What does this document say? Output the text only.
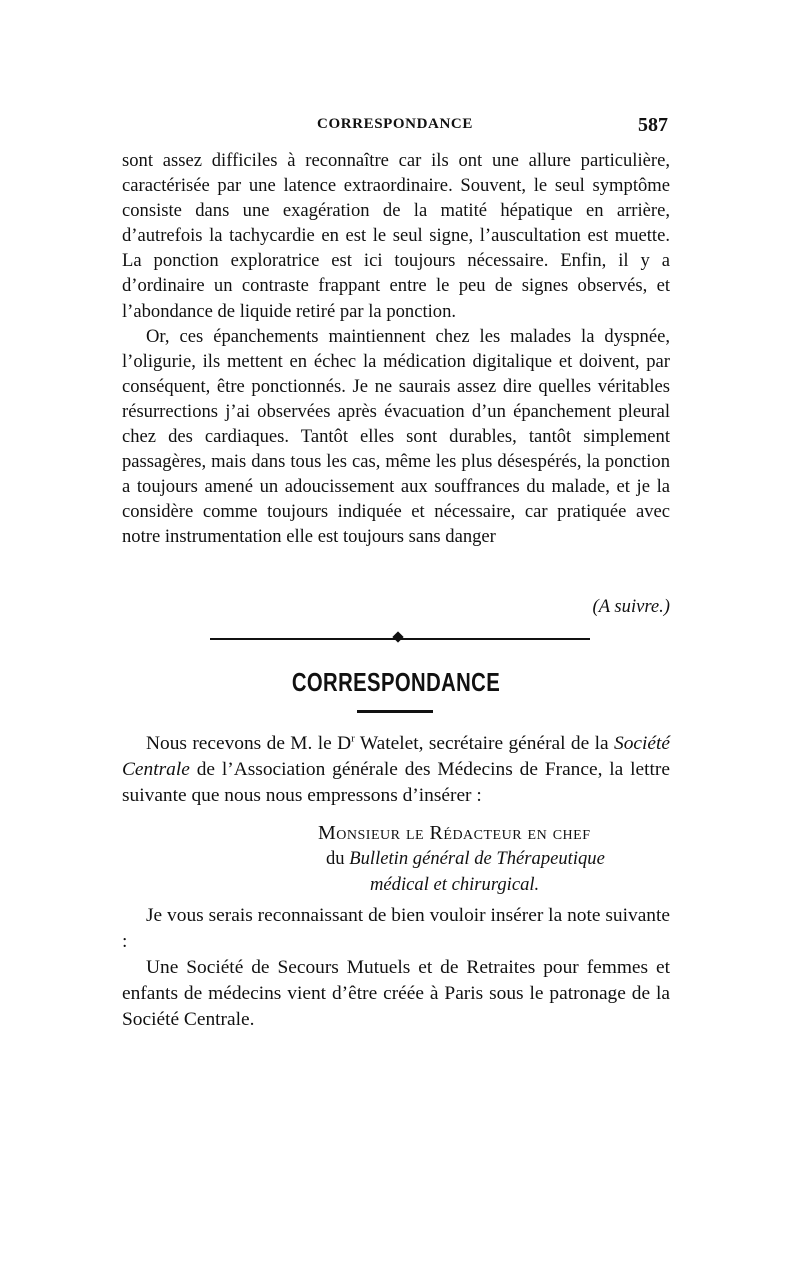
CORRESPONDANCE	587

sont assez difficiles à reconnaître car ils ont une allure particulière, caractérisée par une latence extraordinaire. Souvent, le seul symptôme consiste dans une exagération de la matité hépatique en arrière, d’autrefois la tachycardie en est le seul signe, l’auscultation est muette. La ponction exploratrice est ici toujours nécessaire. Enfin, il y a d’ordinaire un contraste frappant entre le peu de signes observés, et l’abondance de liquide retiré par la ponction.

Or, ces épanchements maintiennent chez les malades la dyspnée, l’oligurie, ils mettent en échec la médication digitalique et doivent, par conséquent, être ponctionnés. Je ne saurais assez dire quelles véritables résurrections j’ai observées après évacuation d’un épanchement pleural chez des cardiaques. Tantôt elles sont durables, tantôt simplement passagères, mais dans tous les cas, même les plus désespérés, la ponction a toujours amené un adoucissement aux souffrances du malade, et je la considère comme toujours indiquée et nécessaire, car pratiquée avec notre instrumentation elle est toujours sans danger

(A suivre.)
CORRESPONDANCE

Nous recevons de M. le $D^r$ Watelet, secrétaire général de la Société Centrale de l’Association générale des Médecins de France, la lettre suivante que nous nous empressons d’insérer :

Monsieur le Rédacteur en chef
du Bulletin général de Thérapeutique
médical et chirurgical.

Je vous serais reconnaissant de bien vouloir insérer la note suivante :

Une Société de Secours Mutuels et de Retraites pour femmes et enfants de médecins vient d’être créée à Paris sous le patronage de la Société Centrale.
